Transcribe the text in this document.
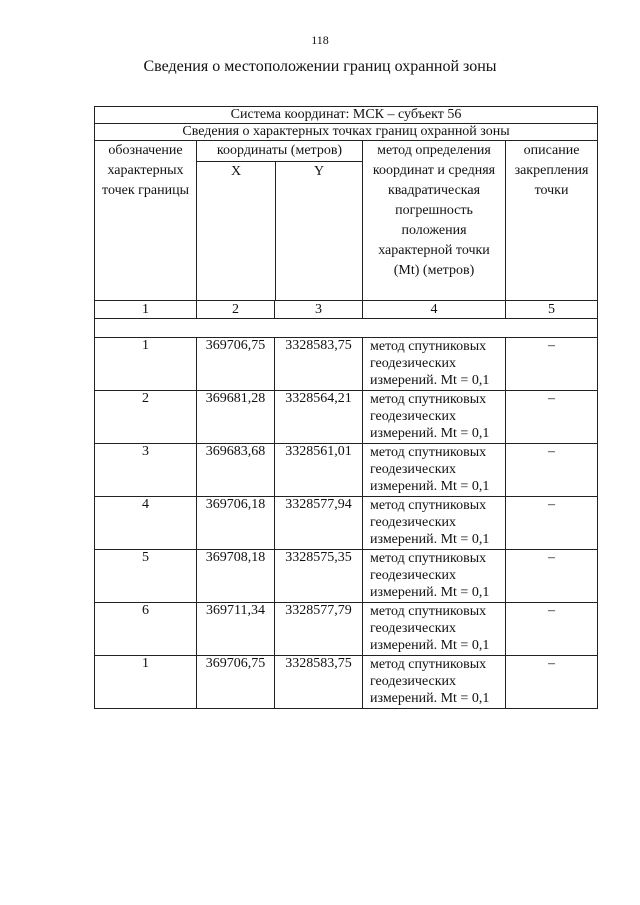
118
Сведения о местоположении границ охранной зоны
Система координат: МСК – субъект 56				
Сведения о характерных точках границ охранной зоны				

обозначение характерных точек границы	координаты (метров)
X Y		метод определения координат и средняя квадратическая погрешность положения характерной точки (Mt) (метров)	описание закрепления точки

1	2	3	4	5

1	369706,75	3328583,75	метод спутниковых геодезических измерений. Mt = 0,1	–
2	369681,28	3328564,21	метод спутниковых геодезических измерений. Mt = 0,1	–
3	369683,68	3328561,01	метод спутниковых геодезических измерений. Mt = 0,1	–
4	369706,18	3328577,94	метод спутниковых геодезических измерений. Mt = 0,1	–
5	369708,18	3328575,35	метод спутниковых геодезических измерений. Mt = 0,1	–
6	369711,34	3328577,79	метод спутниковых геодезических измерений. Mt = 0,1	–
1	369706,75	3328583,75	метод спутниковых геодезических измерений. Mt = 0,1	–
